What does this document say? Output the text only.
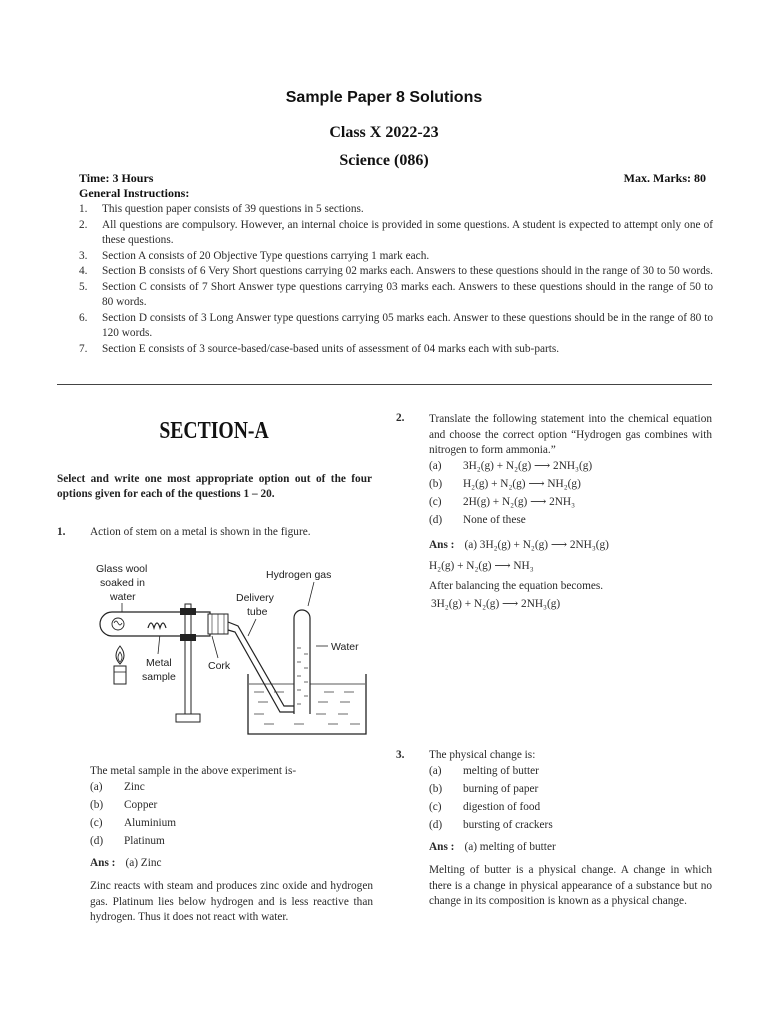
Sample Paper 8 Solutions
Class X 2022-23
Science (086)
Time: 3 Hours	Max. Marks: 80
General Instructions:
1.	This question paper consists of 39 questions in 5 sections.
2.	All questions are compulsory. However, an internal choice is provided in some questions. A student is expected to attempt only one of these questions.
3.	Section A consists of 20 Objective Type questions carrying 1 mark each.
4.	Section B consists of 6 Very Short questions carrying 02 marks each. Answers to these questions should in the range of 30 to 50 words.
5.	Section C consists of 7 Short Answer type questions carrying 03 marks each. Answers to these questions should in the range of 50 to 80 words.
6.	Section D consists of 3 Long Answer type questions carrying 05 marks each. Answer to these questions should be in the range of 80 to 120 words.
7.	Section E consists of 3 source-based/case-based units of assessment of 04 marks each with sub-parts.
SECTION-A
Select and write one most appropriate option out of the four options given for each of the questions 1 – 20.
1. Action of stem on a metal is shown in the figure.
Glass wool
soaked in
water
Hydrogen gas
Delivery
tube
Water
Metal
sample
Cork
The metal sample in the above experiment is-
(a) Zinc
(b) Copper
(c) Aluminium
(d) Platinum
Ans : (a) Zinc
Zinc reacts with steam and produces zinc oxide and hydrogen gas. Platinum lies below hydrogen and is less reactive than hydrogen. Thus it does not react with water.
2. Translate the following statement into the chemical equation and choose the correct option “Hydrogen gas combines with nitrogen to form ammonia.”
(a) 3H₂(g) + N₂(g) ⟶ 2NH₃(g)
(b) H₂(g) + N₂(g) ⟶ NH₂(g)
(c) 2H(g) + N₂(g) ⟶ 2NH₃
(d) None of these
Ans : (a) 3H₂(g) + N₂(g) ⟶ 2NH₃(g)
H₂(g) + N₂(g) ⟶ NH₃
After balancing the equation becomes.
3H₂(g) + N₂(g) ⟶ 2NH₃(g)
3. The physical change is:
(a) melting of butter
(b) burning of paper
(c) digestion of food
(d) bursting of crackers
Ans : (a) melting of butter
Melting of butter is a physical change. A change in which there is a change in physical appearance of a substance but no change in its composition is known as a physical change.
